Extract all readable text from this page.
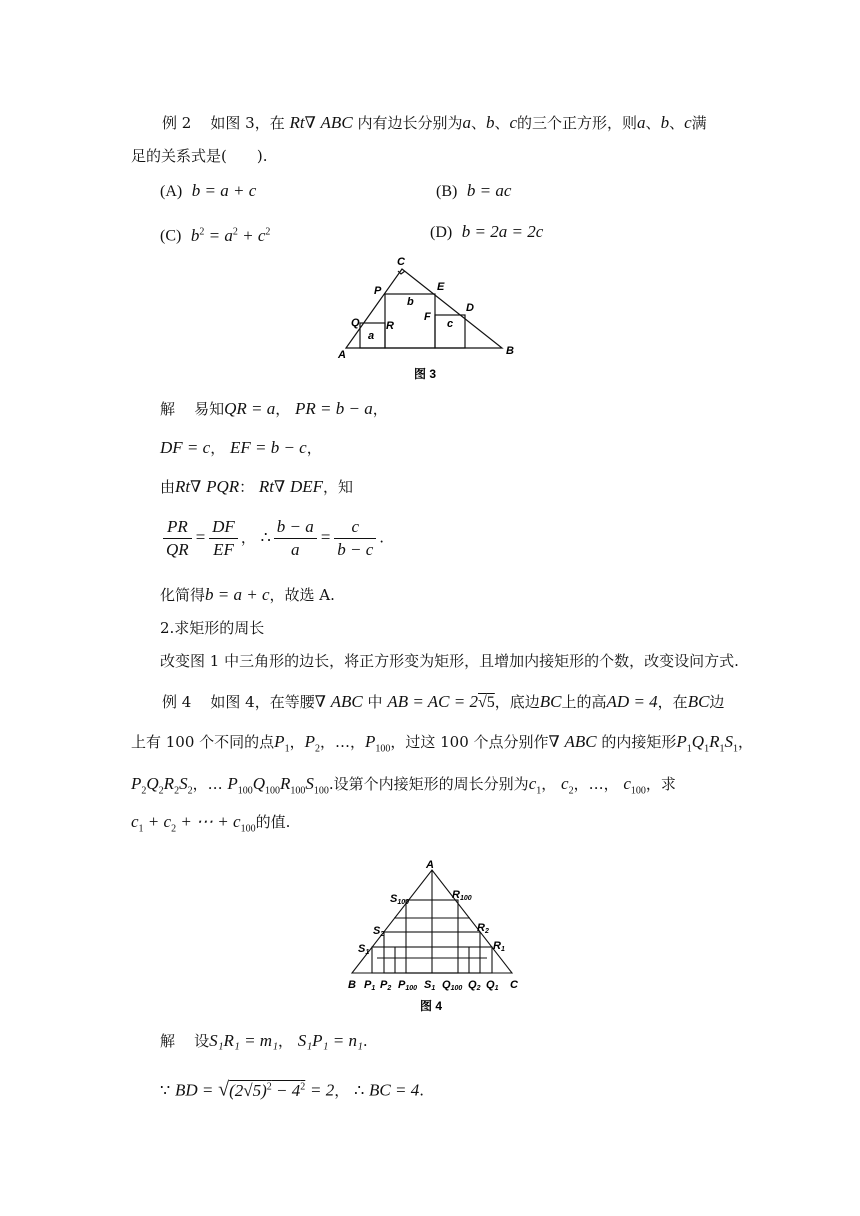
例 2 如图 3，在 Rt∇ ABC 内有边长分别为a、b、c的三个正方形，则a、b、c满
足的关系式是(　　).
(A) b = a + c	(B) b = ac
(C) $b^2 = a^2 + c^2$	(D) b = 2a = 2c
C
P	E
D
Q R
F
a
b
c
A	B
图 3
解 易知QR = a， PR = b − a，
DF = c， EF = b − c，
由Rt∇ PQR： Rt∇ DEF，知
$\frac{PR}{QR} = \frac{DF}{EF}$ ， ∴ $\frac{b - a}{a} = \frac{c}{b - c}$ .
化简得b = a + c，故选 A.
2.求矩形的周长
改变图 1 中三角形的边长，将正方形变为矩形，且增加内接矩形的个数，改变设问方式.
例 4 如图 4，在等腰∇ ABC 中 AB = AC = 2√5，底边BC上的高AD = 4，在BC边
上有 100 个不同的点$P_1$，$P_2$，…，$P_{100}$，过这 100 个点分别作∇ ABC 的内接矩形$P_1Q_1R_1S_1$，
$P_2Q_2R_2S_2$，… $P_{100}Q_{100}R_{100}S_{100}$.设第个内接矩形的周长分别为$c_1$， $c_2$，…， $c_{100}$，求
$c_1 + c_2$ + ⋯ + $c_{100}$的值.
A
S100
R100
S2
R2
S1
R1
B P1 P2 P100 S1 Q100 Q2 Q1 C
图 4
解 设S₁R₁ = m₁， S₁P₁ = n₁.
∵ BD = $√(2√5)^2 - 4^2 = 2$， ∴ BC = 4.
